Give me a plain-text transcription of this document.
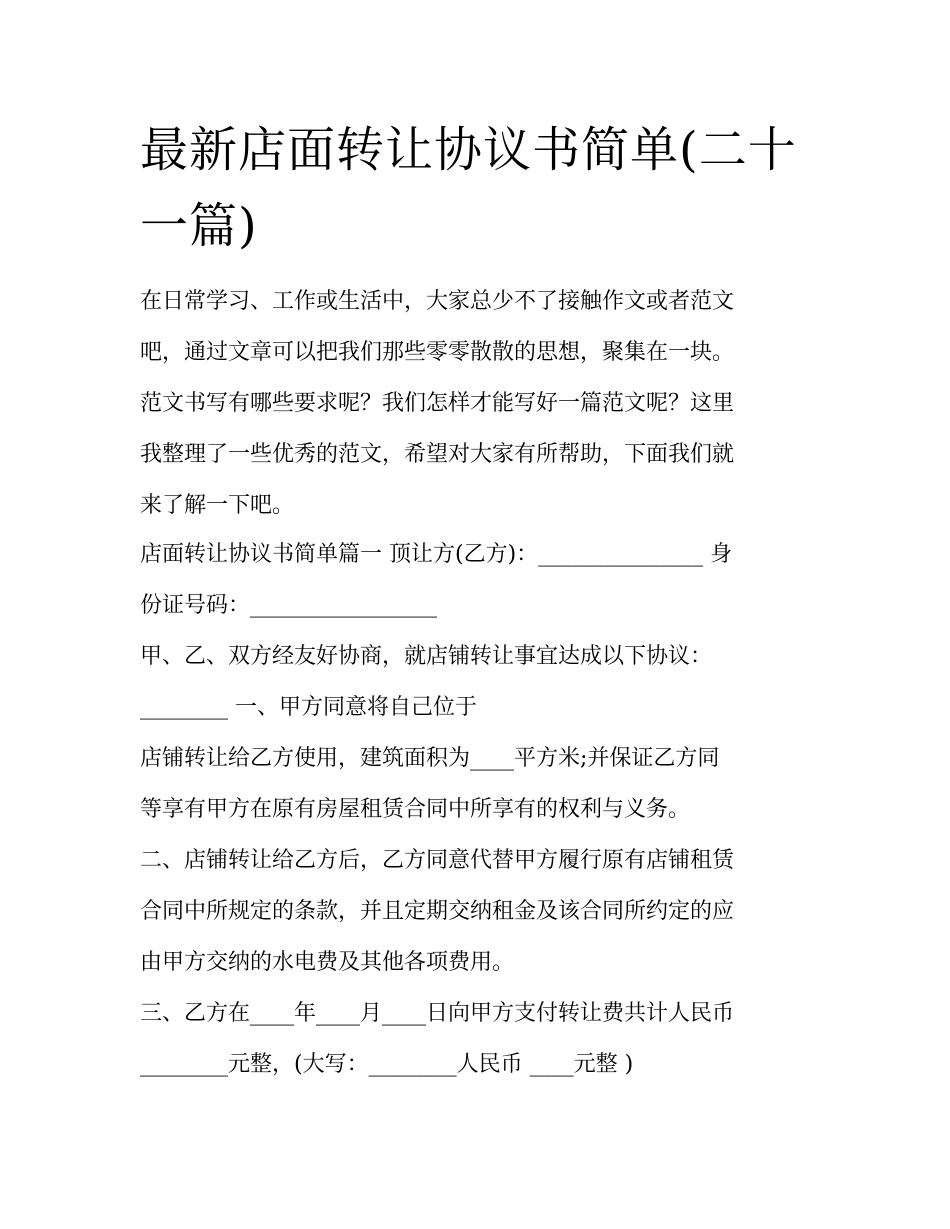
最新店面转让协议书简单(二十
一篇)
在日常学习、工作或生活中，大家总少不了接触作文或者范文
吧，通过文章可以把我们那些零零散散的思想，聚集在一块。
范文书写有哪些要求呢？我们怎样才能写好一篇范文呢？这里
我整理了一些优秀的范文，希望对大家有所帮助，下面我们就
来了解一下吧。
店面转让协议书简单篇一 顶让方(乙方)：_______________ 身
份证号码：_________________
甲、乙、双方经友好协商，就店铺转让事宜达成以下协议：
________ 一、甲方同意将自己位于
店铺转让给乙方使用，建筑面积为____平方米;并保证乙方同
等享有甲方在原有房屋租赁合同中所享有的权利与义务。
二、店铺转让给乙方后，乙方同意代替甲方履行原有店铺租赁
合同中所规定的条款，并且定期交纳租金及该合同所约定的应
由甲方交纳的水电费及其他各项费用。
三、乙方在____年____月____日向甲方支付转让费共计人民币
________元整，(大写：________人民币 ____元整 )
